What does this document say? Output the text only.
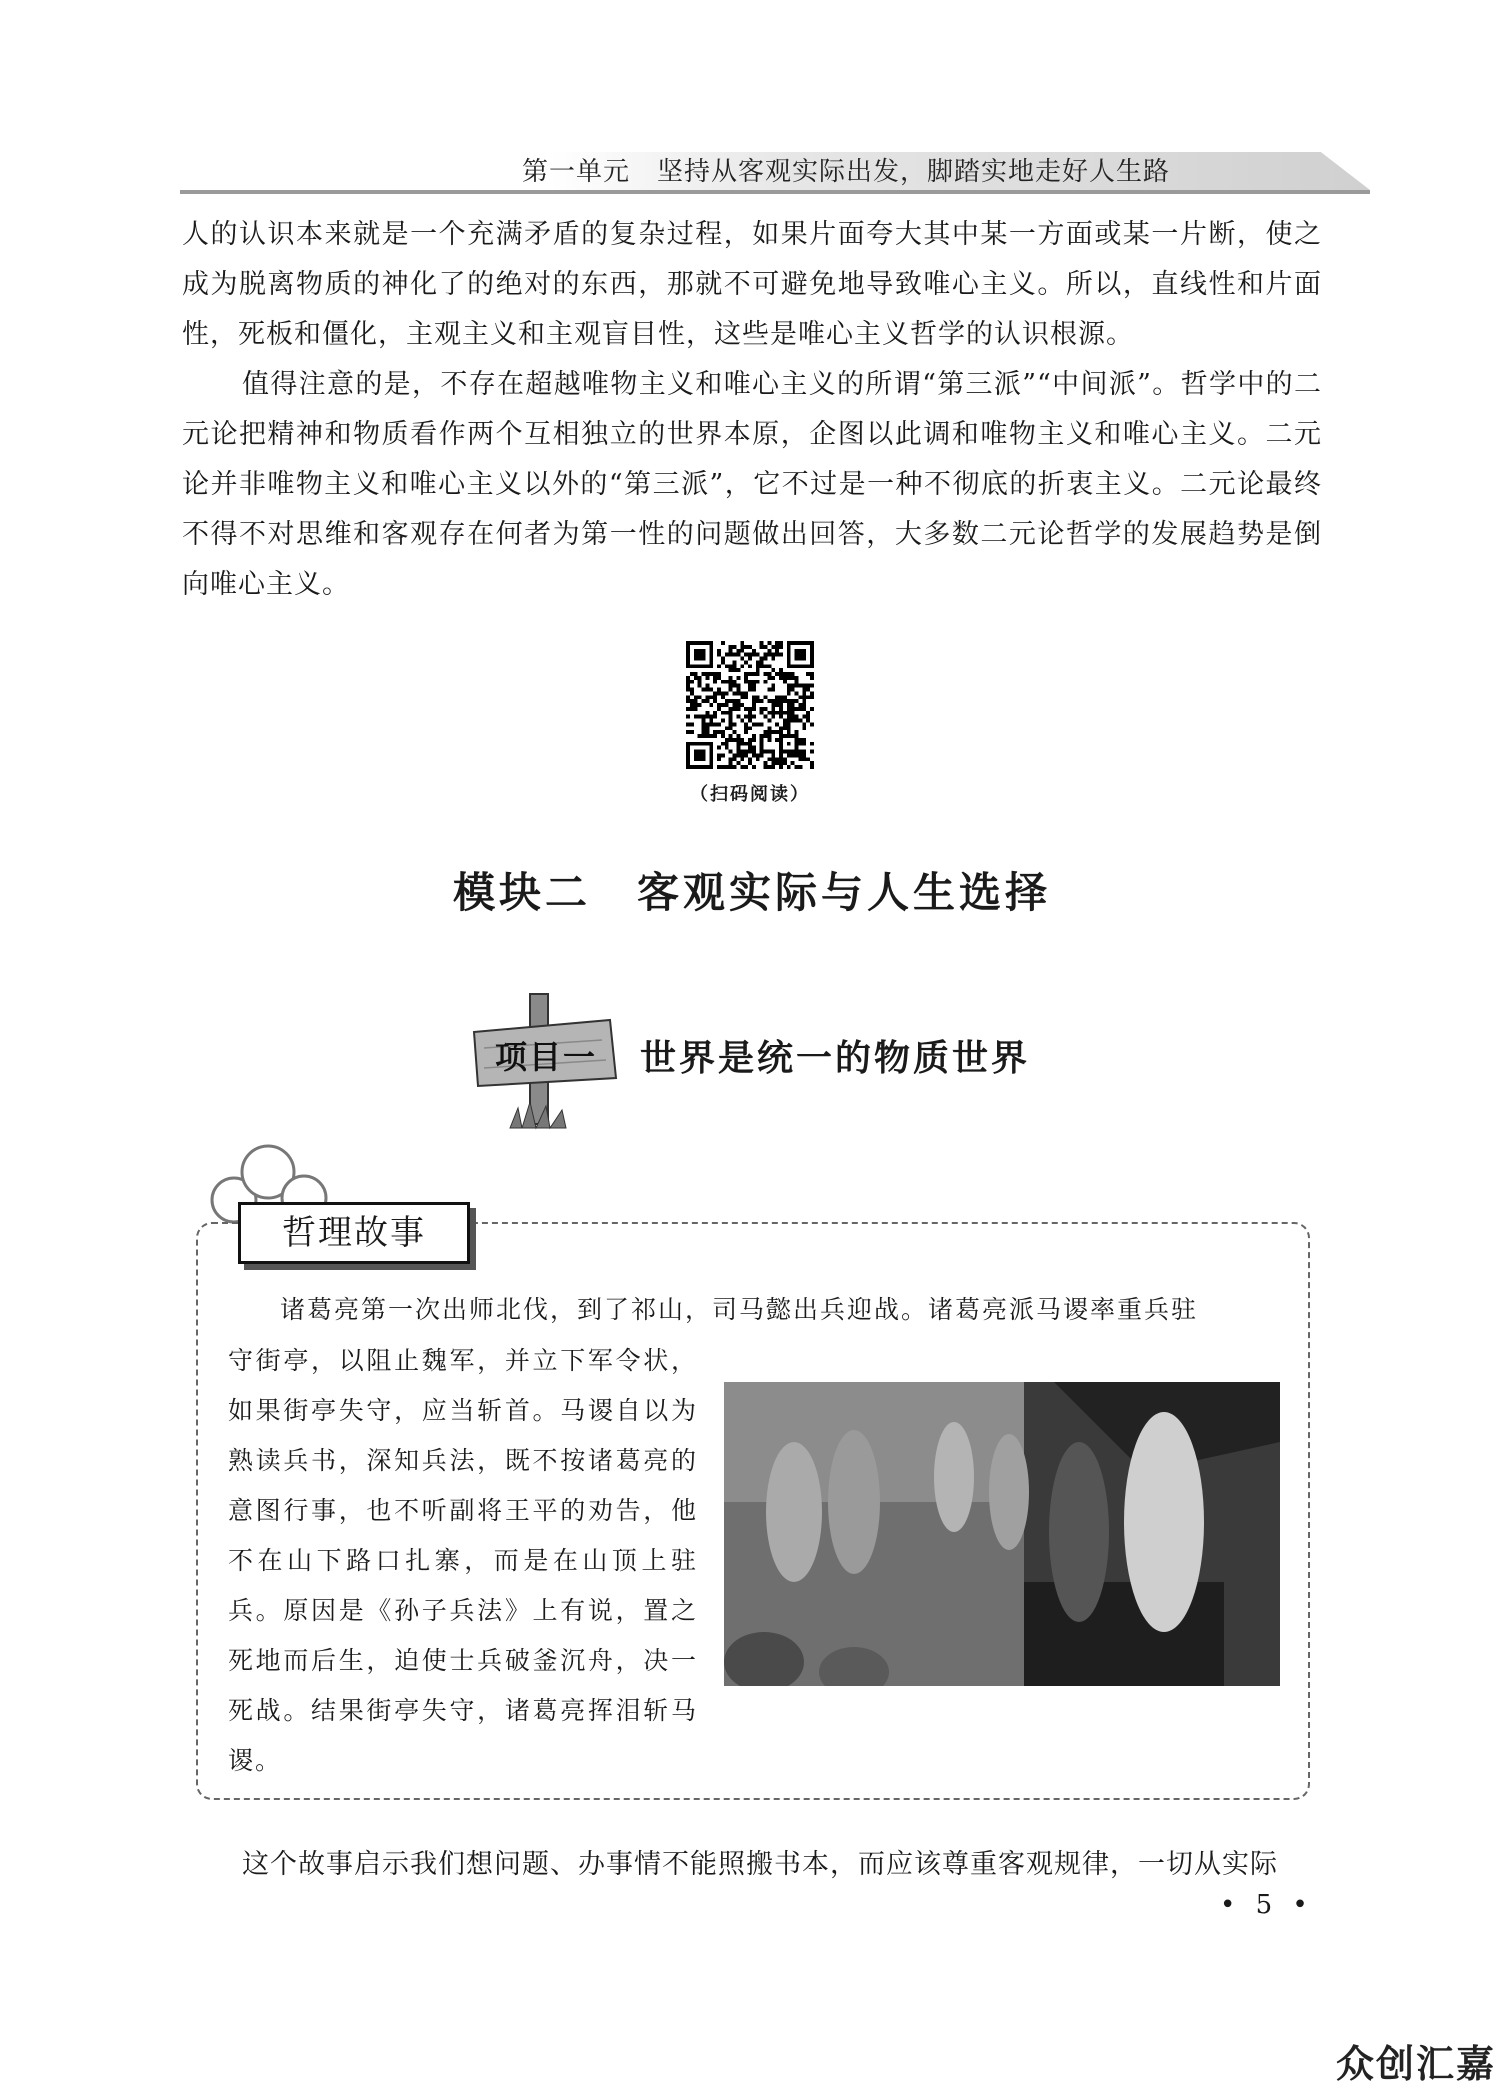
第一单元　坚持从客观实际出发，脚踏实地走好人生路

人的认识本来就是一个充满矛盾的复杂过程，如果片面夸大其中某一方面或某一片断，使之成为脱离物质的神化了的绝对的东西，那就不可避免地导致唯心主义。所以，直线性和片面性，死板和僵化，主观主义和主观盲目性，这些是唯心主义哲学的认识根源。

值得注意的是，不存在超越唯物主义和唯心主义的所谓“第三派”“中间派”。哲学中的二元论把精神和物质看作两个互相独立的世界本原，企图以此调和唯物主义和唯心主义。二元论并非唯物主义和唯心主义以外的“第三派”，它不过是一种不彻底的折衷主义。二元论最终不得不对思维和客观存在何者为第一性的问题做出回答，大多数二元论哲学的发展趋势是倒向唯心主义。

（扫码阅读）
模块二　客观实际与人生选择
项目一 世界是统一的物质世界
哲理故事

诸葛亮第一次出师北伐，到了祁山，司马懿出兵迎战。诸葛亮派马谡率重兵驻

守街亭，以阻止魏军，并立下军令状，如果街亭失守，应当斩首。马谡自以为熟读兵书，深知兵法，既不按诸葛亮的意图行事，也不听副将王平的劝告，他不在山下路口扎寨，而是在山顶上驻兵。原因是《孙子兵法》上有说，置之死地而后生，迫使士兵破釜沉舟，决一死战。结果街亭失守，诸葛亮挥泪斩马谡。

这个故事启示我们想问题、办事情不能照搬书本，而应该尊重客观规律，一切从实际

• 5 •
众创汇嘉
